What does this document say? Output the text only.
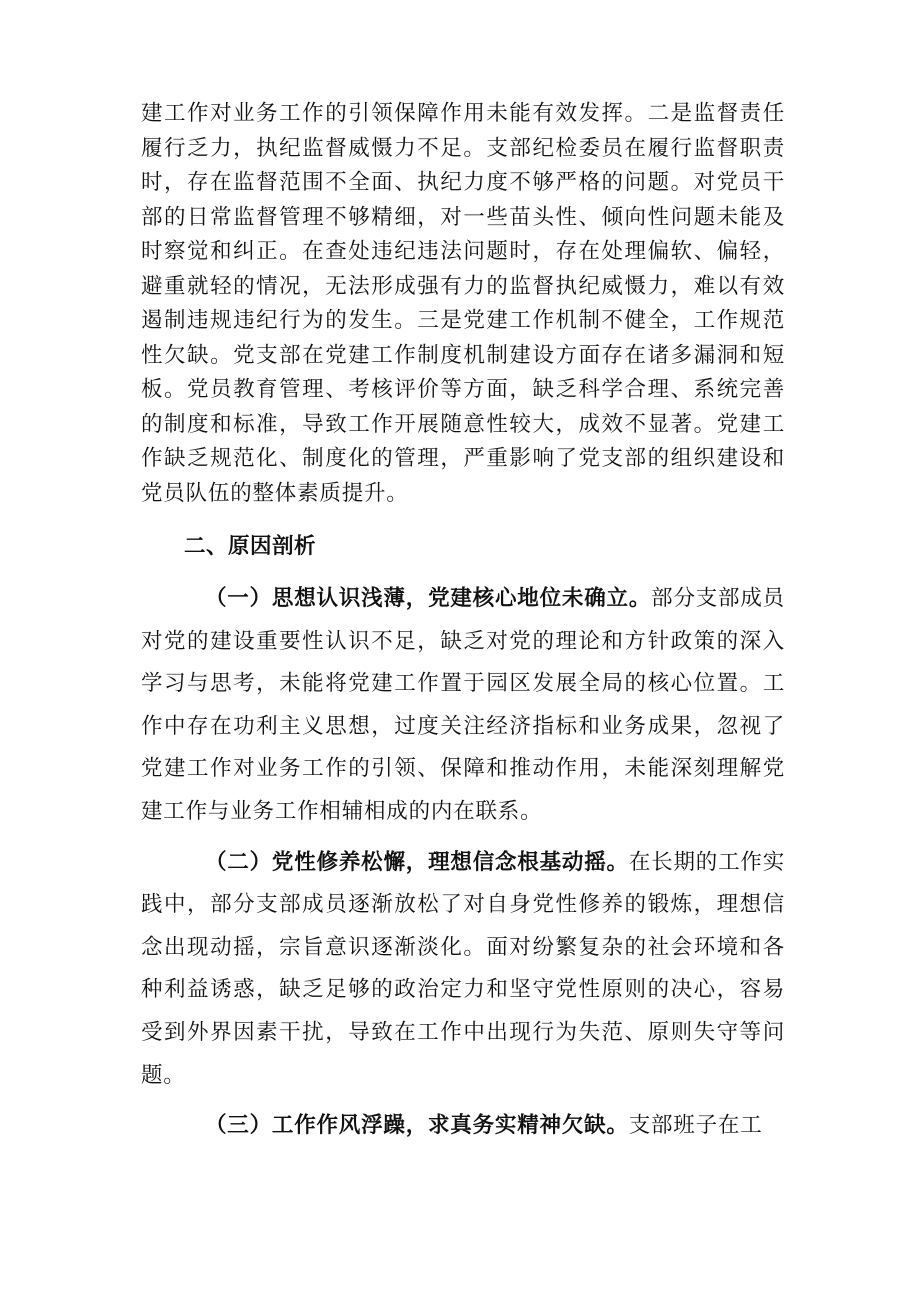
建工作对业务工作的引领保障作用未能有效发挥。二是监督责任履行乏力，执纪监督威慑力不足。支部纪检委员在履行监督职责时，存在监督范围不全面、执纪力度不够严格的问题。对党员干部的日常监督管理不够精细，对一些苗头性、倾向性问题未能及时察觉和纠正。在查处违纪违法问题时，存在处理偏软、偏轻，避重就轻的情况，无法形成强有力的监督执纪威慑力，难以有效遏制违规违纪行为的发生。三是党建工作机制不健全，工作规范性欠缺。党支部在党建工作制度机制建设方面存在诸多漏洞和短板。党员教育管理、考核评价等方面，缺乏科学合理、系统完善的制度和标准，导致工作开展随意性较大，成效不显著。党建工作缺乏规范化、制度化的管理，严重影响了党支部的组织建设和党员队伍的整体素质提升。

二、原因剖析

（一）思想认识浅薄，党建核心地位未确立。部分支部成员对党的建设重要性认识不足，缺乏对党的理论和方针政策的深入学习与思考，未能将党建工作置于园区发展全局的核心位置。工作中存在功利主义思想，过度关注经济指标和业务成果，忽视了党建工作对业务工作的引领、保障和推动作用，未能深刻理解党建工作与业务工作相辅相成的内在联系。

（二）党性修养松懈，理想信念根基动摇。在长期的工作实践中，部分支部成员逐渐放松了对自身党性修养的锻炼，理想信念出现动摇，宗旨意识逐渐淡化。面对纷繁复杂的社会环境和各种利益诱惑，缺乏足够的政治定力和坚守党性原则的决心，容易受到外界因素干扰，导致在工作中出现行为失范、原则失守等问题。

（三）工作作风浮躁，求真务实精神欠缺。支部班子在工
